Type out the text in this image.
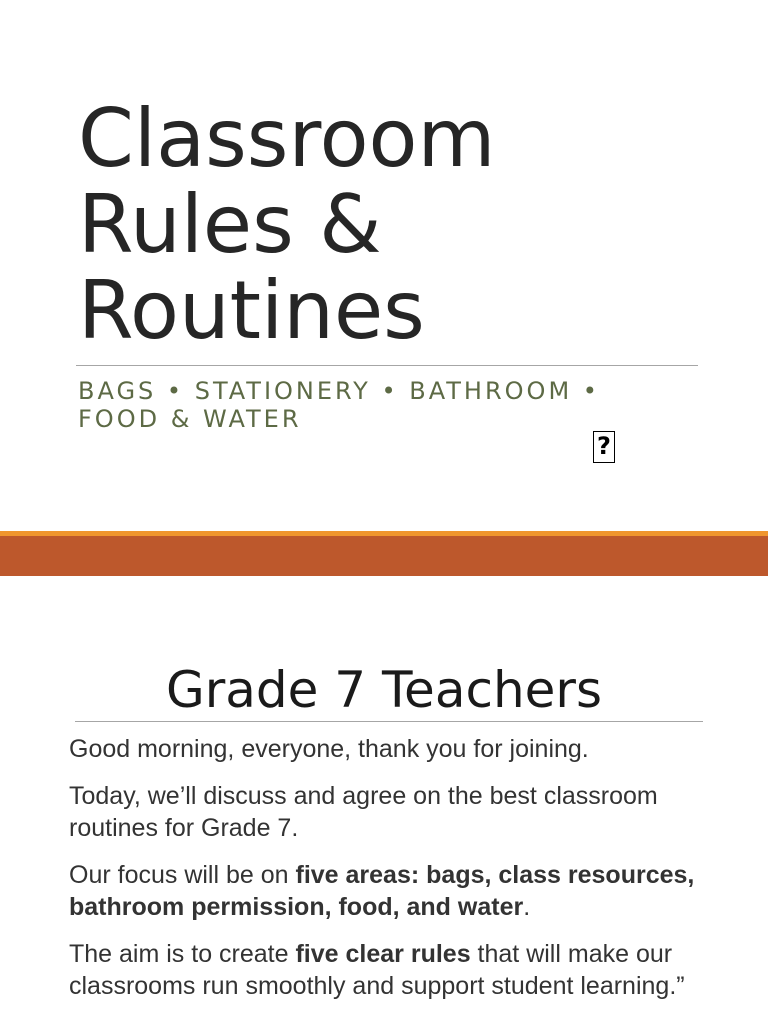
Classroom
Rules &
Routines

BAGS • STATIONERY • BATHROOM •
FOOD & WATER

?
Grade 7 Teachers

Good morning, everyone, thank you for joining.

Today, we’ll discuss and agree on the best classroom routines for Grade 7.

Our focus will be on five areas: bags, class resources, bathroom permission, food, and water.

The aim is to create five clear rules that will make our classrooms run smoothly and support student learning.”
